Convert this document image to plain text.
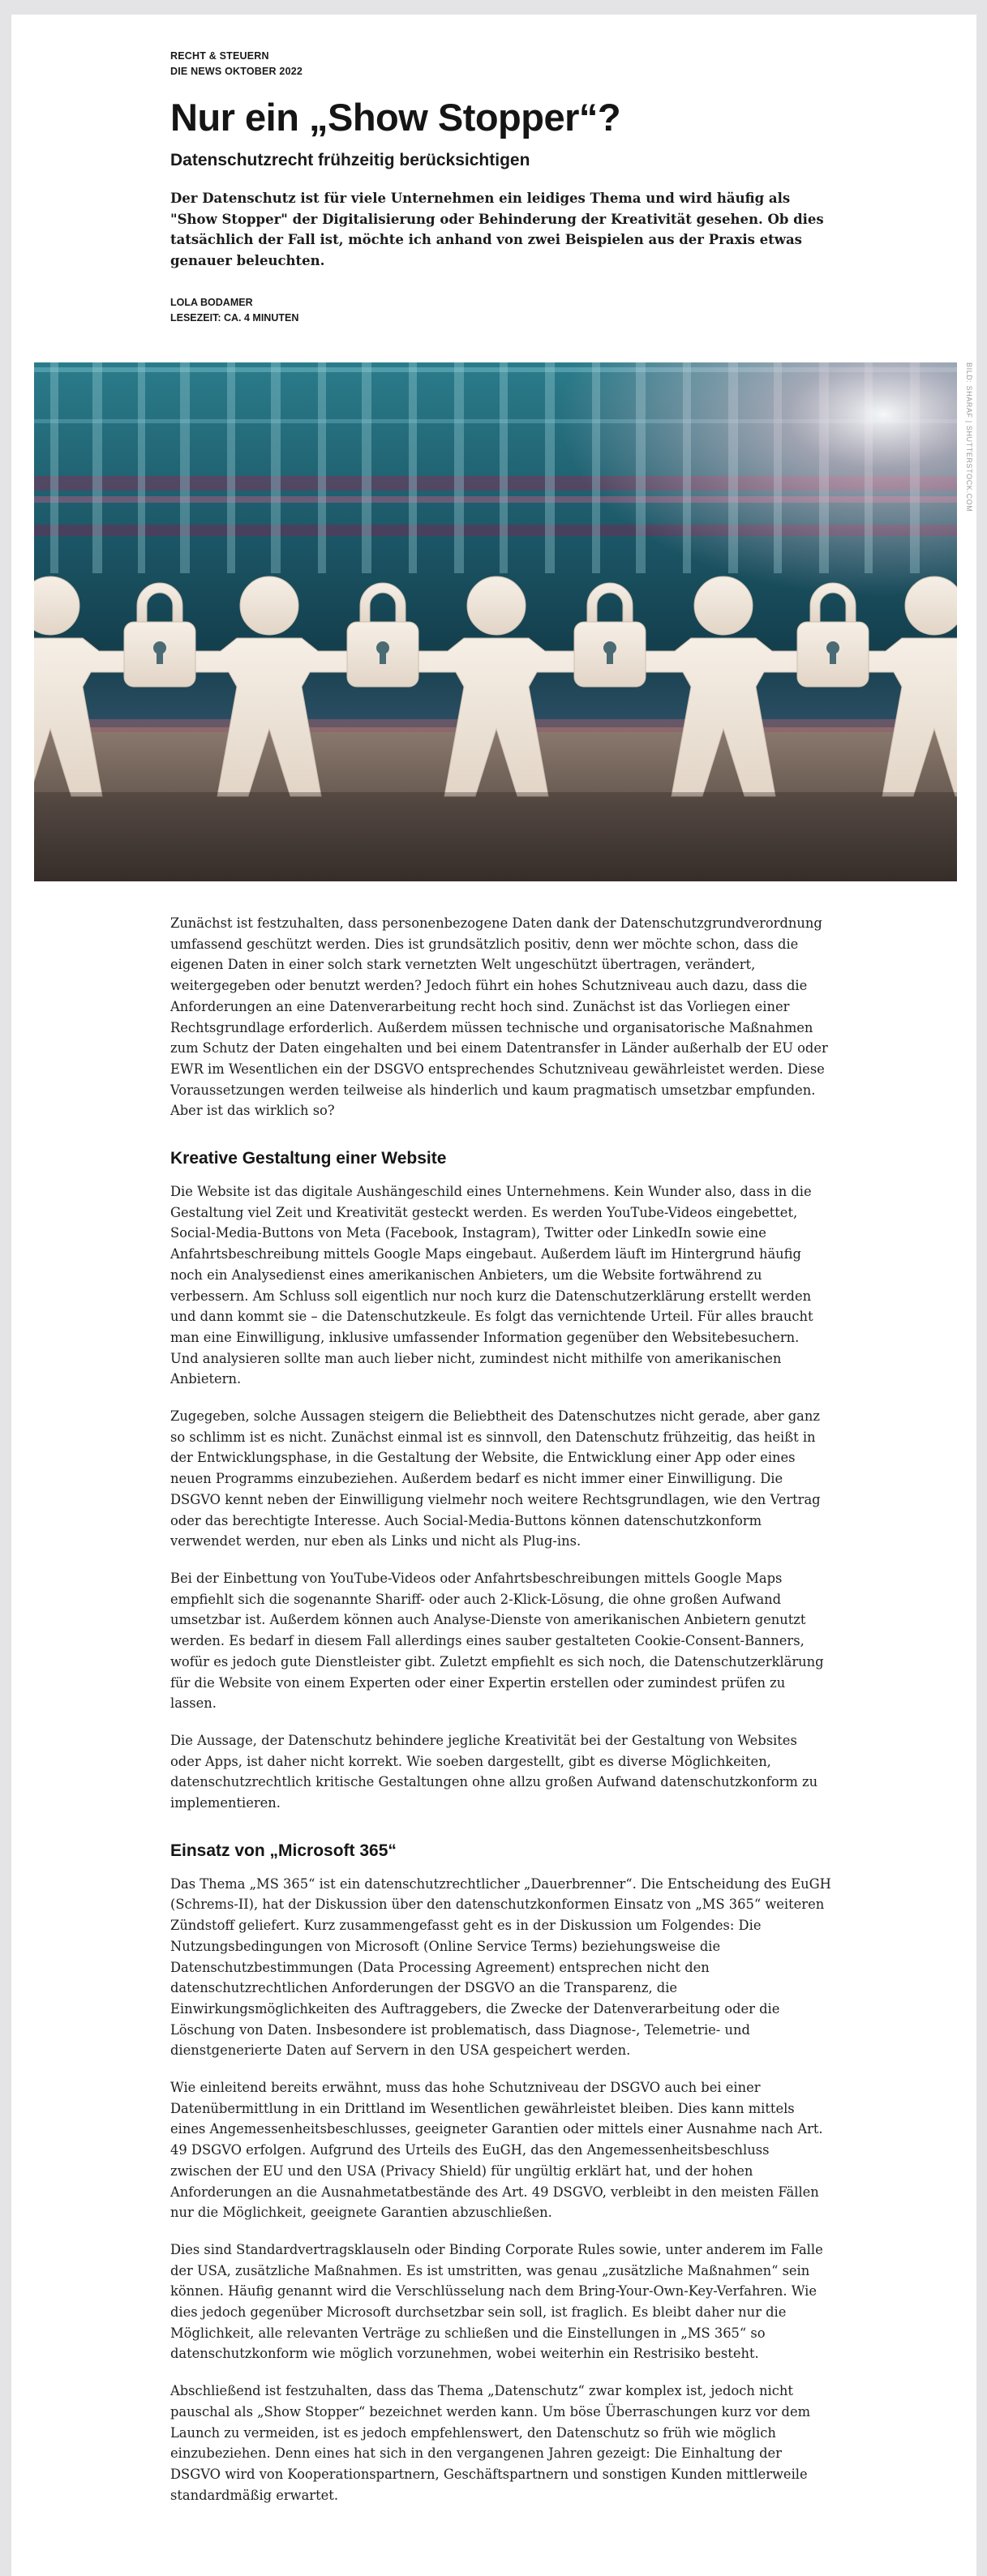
RECHT & STEUERN
DIE NEWS OKTOBER 2022
Nur ein „Show Stopper“?
Datenschutzrecht frühzeitig berücksichtigen
Der Datenschutz ist für viele Unternehmen ein leidiges Thema und wird häufig als "Show Stopper" der Digitalisierung oder Behinderung der Kreativität gesehen. Ob dies tatsächlich der Fall ist, möchte ich anhand von zwei Beispielen aus der Praxis etwas genauer beleuchten.
LOLA BODAMER
LESEZEIT: CA. 4 MINUTEN
BILD: SHARAF | SHUTTERSTOCK.COM

Zunächst ist festzuhalten, dass personenbezogene Daten dank der Datenschutzgrundverordnung umfassend geschützt werden. Dies ist grundsätzlich positiv, denn wer möchte schon, dass die eigenen Daten in einer solch stark vernetzten Welt ungeschützt übertragen, verändert, weitergegeben oder benutzt werden? Jedoch führt ein hohes Schutzniveau auch dazu, dass die Anforderungen an eine Datenverarbeitung recht hoch sind. Zunächst ist das Vorliegen einer Rechtsgrundlage erforderlich. Außerdem müssen technische und organisatorische Maßnahmen zum Schutz der Daten eingehalten und bei einem Datentransfer in Länder außerhalb der EU oder EWR im Wesentlichen ein der DSGVO entsprechendes Schutzniveau gewährleistet werden. Diese Voraussetzungen werden teilweise als hinderlich und kaum pragmatisch umsetzbar empfunden. Aber ist das wirklich so?

Kreative Gestaltung einer Website

Die Website ist das digitale Aushängeschild eines Unternehmens. Kein Wunder also, dass in die Gestaltung viel Zeit und Kreativität gesteckt werden. Es werden YouTube-Videos eingebettet, Social-Media-Buttons von Meta (Facebook, Instagram), Twitter oder LinkedIn sowie eine Anfahrtsbeschreibung mittels Google Maps eingebaut. Außerdem läuft im Hintergrund häufig noch ein Analysedienst eines amerikanischen Anbieters, um die Website fortwährend zu verbessern. Am Schluss soll eigentlich nur noch kurz die Datenschutzerklärung erstellt werden und dann kommt sie – die Datenschutzkeule. Es folgt das vernichtende Urteil. Für alles braucht man eine Einwilligung, inklusive umfassender Information gegenüber den Websitebesuchern. Und analysieren sollte man auch lieber nicht, zumindest nicht mithilfe von amerikanischen Anbietern.

Zugegeben, solche Aussagen steigern die Beliebtheit des Datenschutzes nicht gerade, aber ganz so schlimm ist es nicht. Zunächst einmal ist es sinnvoll, den Datenschutz frühzeitig, das heißt in der Entwicklungsphase, in die Gestaltung der Website, die Entwicklung einer App oder eines neuen Programms einzubeziehen. Außerdem bedarf es nicht immer einer Einwilligung. Die DSGVO kennt neben der Einwilligung vielmehr noch weitere Rechtsgrundlagen, wie den Vertrag oder das berechtigte Interesse. Auch Social-Media-Buttons können datenschutzkonform verwendet werden, nur eben als Links und nicht als Plug-ins.

Bei der Einbettung von YouTube-Videos oder Anfahrtsbeschreibungen mittels Google Maps empfiehlt sich die sogenannte Shariff- oder auch 2-Klick-Lösung, die ohne großen Aufwand umsetzbar ist. Außerdem können auch Analyse-Dienste von amerikanischen Anbietern genutzt werden. Es bedarf in diesem Fall allerdings eines sauber gestalteten Cookie-Consent-Banners, wofür es jedoch gute Dienstleister gibt. Zuletzt empfiehlt es sich noch, die Datenschutzerklärung für die Website von einem Experten oder einer Expertin erstellen oder zumindest prüfen zu lassen.

Die Aussage, der Datenschutz behindere jegliche Kreativität bei der Gestaltung von Websites oder Apps, ist daher nicht korrekt. Wie soeben dargestellt, gibt es diverse Möglichkeiten, datenschutzrechtlich kritische Gestaltungen ohne allzu großen Aufwand datenschutzkonform zu implementieren.

Einsatz von „Microsoft 365“

Das Thema „MS 365“ ist ein datenschutzrechtlicher „Dauerbrenner“. Die Entscheidung des EuGH (Schrems-II), hat der Diskussion über den datenschutzkonformen Einsatz von „MS 365“ weiteren Zündstoff geliefert. Kurz zusammengefasst geht es in der Diskussion um Folgendes: Die Nutzungsbedingungen von Microsoft (Online Service Terms) beziehungsweise die Datenschutzbestimmungen (Data Processing Agreement) entsprechen nicht den datenschutzrechtlichen Anforderungen der DSGVO an die Transparenz, die Einwirkungsmöglichkeiten des Auftraggebers, die Zwecke der Datenverarbeitung oder die Löschung von Daten. Insbesondere ist problematisch, dass Diagnose-, Telemetrie- und dienstgenerierte Daten auf Servern in den USA gespeichert werden.

Wie einleitend bereits erwähnt, muss das hohe Schutzniveau der DSGVO auch bei einer Datenübermittlung in ein Drittland im Wesentlichen gewährleistet bleiben. Dies kann mittels eines Angemessenheitsbeschlusses, geeigneter Garantien oder mittels einer Ausnahme nach Art. 49 DSGVO erfolgen. Aufgrund des Urteils des EuGH, das den Angemessenheitsbeschluss zwischen der EU und den USA (Privacy Shield) für ungültig erklärt hat, und der hohen Anforderungen an die Ausnahmetatbestände des Art. 49 DSGVO, verbleibt in den meisten Fällen nur die Möglichkeit, geeignete Garantien abzuschließen.

Dies sind Standardvertragsklauseln oder Binding Corporate Rules sowie, unter anderem im Falle der USA, zusätzliche Maßnahmen. Es ist umstritten, was genau „zusätzliche Maßnahmen“ sein können. Häufig genannt wird die Verschlüsselung nach dem Bring-Your-Own-Key-Verfahren. Wie dies jedoch gegenüber Microsoft durchsetzbar sein soll, ist fraglich. Es bleibt daher nur die Möglichkeit, alle relevanten Verträge zu schließen und die Einstellungen in „MS 365“ so datenschutzkonform wie möglich vorzunehmen, wobei weiterhin ein Restrisiko besteht.

Abschließend ist festzuhalten, dass das Thema „Datenschutz“ zwar komplex ist, jedoch nicht pauschal als „Show Stopper“ bezeichnet werden kann. Um böse Überraschungen kurz vor dem Launch zu vermeiden, ist es jedoch empfehlenswert, den Datenschutz so früh wie möglich einzubeziehen. Denn eines hat sich in den vergangenen Jahren gezeigt: Die Einhaltung der DSGVO wird von Kooperationspartnern, Geschäftspartnern und sonstigen Kunden mittlerweile standardmäßig erwartet.
